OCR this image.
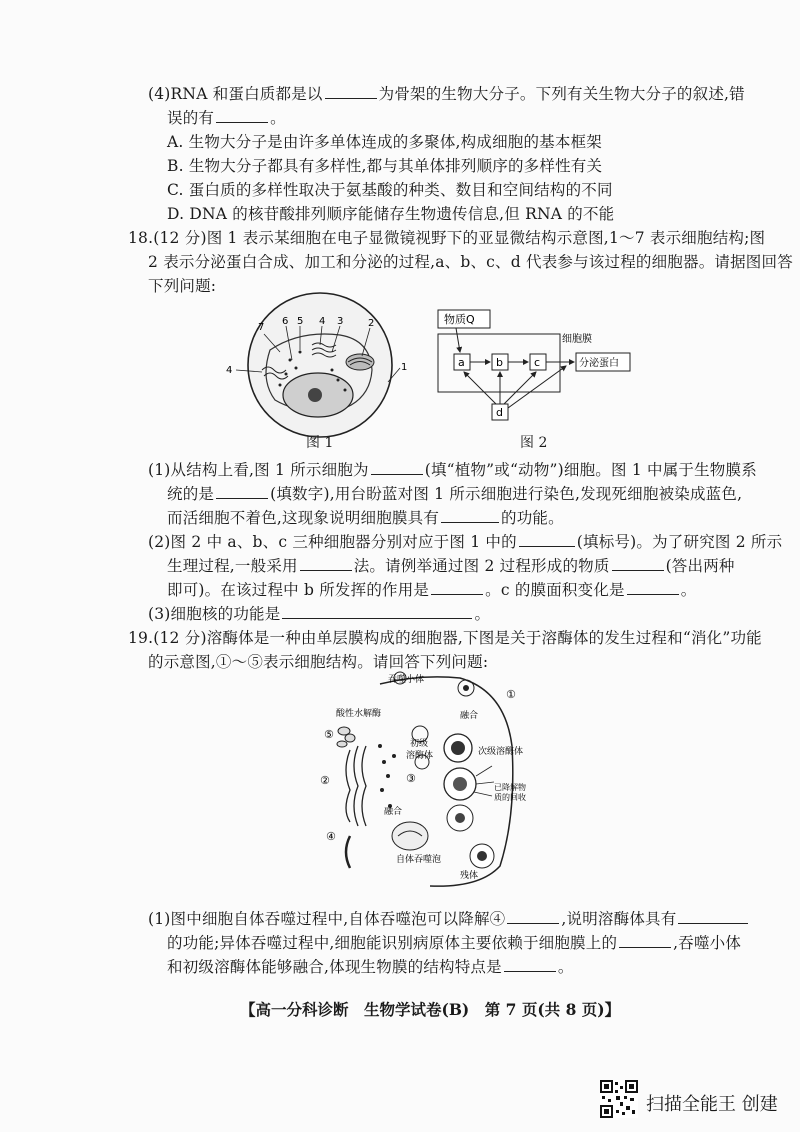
(4)RNA 和蛋白质都是以	为骨架的生物大分子。下列有关生物大分子的叙述,错
误的有	。
A. 生物大分子是由许多单体连成的多聚体,构成细胞的基本框架
B. 生物大分子都具有多样性,都与其单体排列顺序的多样性有关
C. 蛋白质的多样性取决于氨基酸的种类、数目和空间结构的不同
D. DNA 的核苷酸排列顺序能储存生物遗传信息,但 RNA 的不能
18.(12 分)图 1 表示某细胞在电子显微镜视野下的亚显微结构示意图,1～7 表示细胞结构;图
2 表示分泌蛋白合成、加工和分泌的过程,a、b、c、d 代表参与该过程的细胞器。请据图回答
下列问题:
7
6 5 4 3 2
4	1
图 1
物质Q
细胞膜
a	b	c	分泌蛋白
d
图 2
(1)从结构上看,图 1 所示细胞为	(填“植物”或“动物”)细胞。图 1 中属于生物膜系
统的是	(填数字),用台盼蓝对图 1 所示细胞进行染色,发现死细胞被染成蓝色,
而活细胞不着色,这现象说明细胞膜具有	的功能。
(2)图 2 中 a、b、c 三种细胞器分别对应于图 1 中的	(填标号)。为了研究图 2 所示
生理过程,一般采用	法。请例举通过图 2 过程形成的物质	(答出两种
即可)。在该过程中 b 所发挥的作用是	。c 的膜面积变化是	。
(3)细胞核的功能是	。
19.(12 分)溶酶体是一种由单层膜构成的细胞器,下图是关于溶酶体的发生过程和“消化”功能
的示意图,①～⑤表示细胞结构。请回答下列问题:
吞噬小体
酸性水解酶	融合
初级
溶酶体	次级溶酶体
已降解物
质的回收
融合
自体吞噬泡
残体
①
②	③
④
⑤
(1)图中细胞自体吞噬过程中,自体吞噬泡可以降解④	,说明溶酶体具有
的功能;异体吞噬过程中,细胞能识别病原体主要依赖于细胞膜上的	,吞噬小体
和初级溶酶体能够融合,体现生物膜的结构特点是	。
【高一分科诊断　生物学试卷(B)　第 7 页(共 8 页)】
扫描全能王 创建
